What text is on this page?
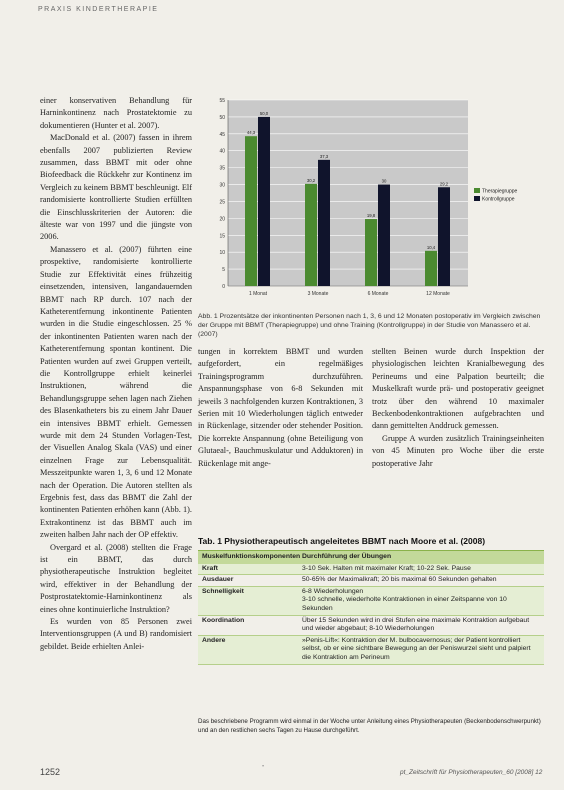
PRAXIS KINDERTHERAPIE

einer konservativen Behandlung für Harninkontinenz nach Prostatektomie zu dokumentieren (Hunter et al. 2007).

MacDonald et al. (2007) fassen in ihrem ebenfalls 2007 publizierten Review zusammen, dass BBMT mit oder ohne Biofeedback die Rückkehr zur Kontinenz im Vergleich zu keinem BBMT beschleunigt. Elf randomisierte kontrollierte Studien erfüllten die Einschlusskriterien der Autoren: die älteste war von 1997 und die jüngste von 2006.

Manassero et al. (2007) führten eine prospektive, randomisierte kontrollierte Studie zur Effektivität eines frühzeitig einsetzenden, intensiven, langandauernden BBMT nach RP durch. 107 nach der Katheterentfernung inkontinente Patienten wurden in die Studie eingeschlossen. 25 % der inkontinenten Patienten waren nach der Katheterentfernung spontan kontinent. Die Patienten wurden auf zwei Gruppen verteilt, die Kontrollgruppe erhielt keinerlei Instruktionen, während die Behandlungsgruppe sehen lagen nach Ziehen des Blasenkatheters bis zu einem Jahr Dauer ein intensives BBMT erhielt. Gemessen wurde mit dem 24 Stunden Vorlagen-Test, der Visuellen Analog Skala (VAS) und einer einzelnen Frage zur Lebensqualität. Messzeitpunkte waren 1, 3, 6 und 12 Monate nach der Operation. Die Autoren stellten als Ergebnis fest, dass das BBMT die Zahl der kontinenten Patienten erhöhen kann (Abb. 1). Extrakontinenz ist das BBMT auch im zweiten halben Jahr nach der OP effektiv.

Overgard et al. (2008) stellten die Frage ist ein BBMT, das durch physiotherapeutische Instruktion begleitet wird, effektiver in der Behandlung der Postprostatektomie-Harninkontinenz als eines ohne kontinuierliche Instruktion?

Es wurden von 85 Personen zwei Interventionsgruppen (A und B) randomisiert gebildet. Beide erhielten Anlei-

0
5
10
15
20
25
30
35
40
45
50
55
44,3
50,0
1 Monat
30,2
37,3
3 Monate
19,8
30
6 Monate
10,4
29,2
12 Monate
Therapiegruppe
Kontrollgruppe
Abb. 1 Prozentsätze der inkontinenten Personen nach 1, 3, 6 und 12 Monaten postoperativ im Vergleich zwischen der Gruppe mit BBMT (Therapiegruppe) und ohne Training (Kontrollgruppe) in der Studie von Manassero et al. (2007)

tungen in korrektem BBMT und wurden aufgefordert, ein regelmäßiges Trainingsprogramm durchzuführen. Anspannungsphase von 6-8 Sekunden mit jeweils 3 nachfolgenden kurzen Kontraktionen, 3 Serien mit 10 Wiederholungen täglich entweder in Rückenlage, sitzender oder stehender Position. Die korrekte Anspannung (ohne Beteiligung von Glutaeal-, Bauchmuskulatur und Adduktoren) in Rückenlage mit ange-

stellten Beinen wurde durch Inspektion der physiologischen leichten Kranialbewegung des Perineums und eine Palpation beurteilt; die Muskelkraft wurde prä- und postoperativ geeignet trotz über den während 10 maximaler Beckenbodenkontraktionen aufgebrachten und dann gemittelten Anddruck gemessen.

Gruppe A wurden zusätzlich Trainingseinheiten von 45 Minuten pro Woche über die erste postoperative Jahr

Tab. 1 Physiotherapeutisch angeleitetes BBMT nach Moore et al. (2008)
Muskelfunktionskomponenten Durchführung der Übungen
Kraft	3-10 Sek. Halten mit maximaler Kraft; 10-22 Sek. Pause
Ausdauer	50-65% der Maximalkraft; 20 bis maximal 60 Sekunden gehalten
Schnelligkeit	6-8 Wiederholungen
3-10 schnelle, wiederholte Kontraktionen in einer Zeitspanne von 10 Sekunden
Koordination	Über 15 Sekunden wird in drei Stufen eine maximale Kontraktion aufgebaut und wieder abgebaut; 8-10 Wiederholungen
Andere	»Penis-Lift«: Kontraktion der M. bulbocavernosus; der Patient kontrolliert selbst, ob er eine sichtbare Bewegung an der Peniswurzel sieht und palpiert die Kontraktion am Perineum
Das beschriebene Programm wird einmal in der Woche unter Anleitung eines Physiotherapeuten (Beckenbodenschwerpunkt) und an den restlichen sechs Tagen zu Hause durchgeführt.
•
1252	pt_Zeitschrift für Physiotherapeuten_60 [2008] 12
